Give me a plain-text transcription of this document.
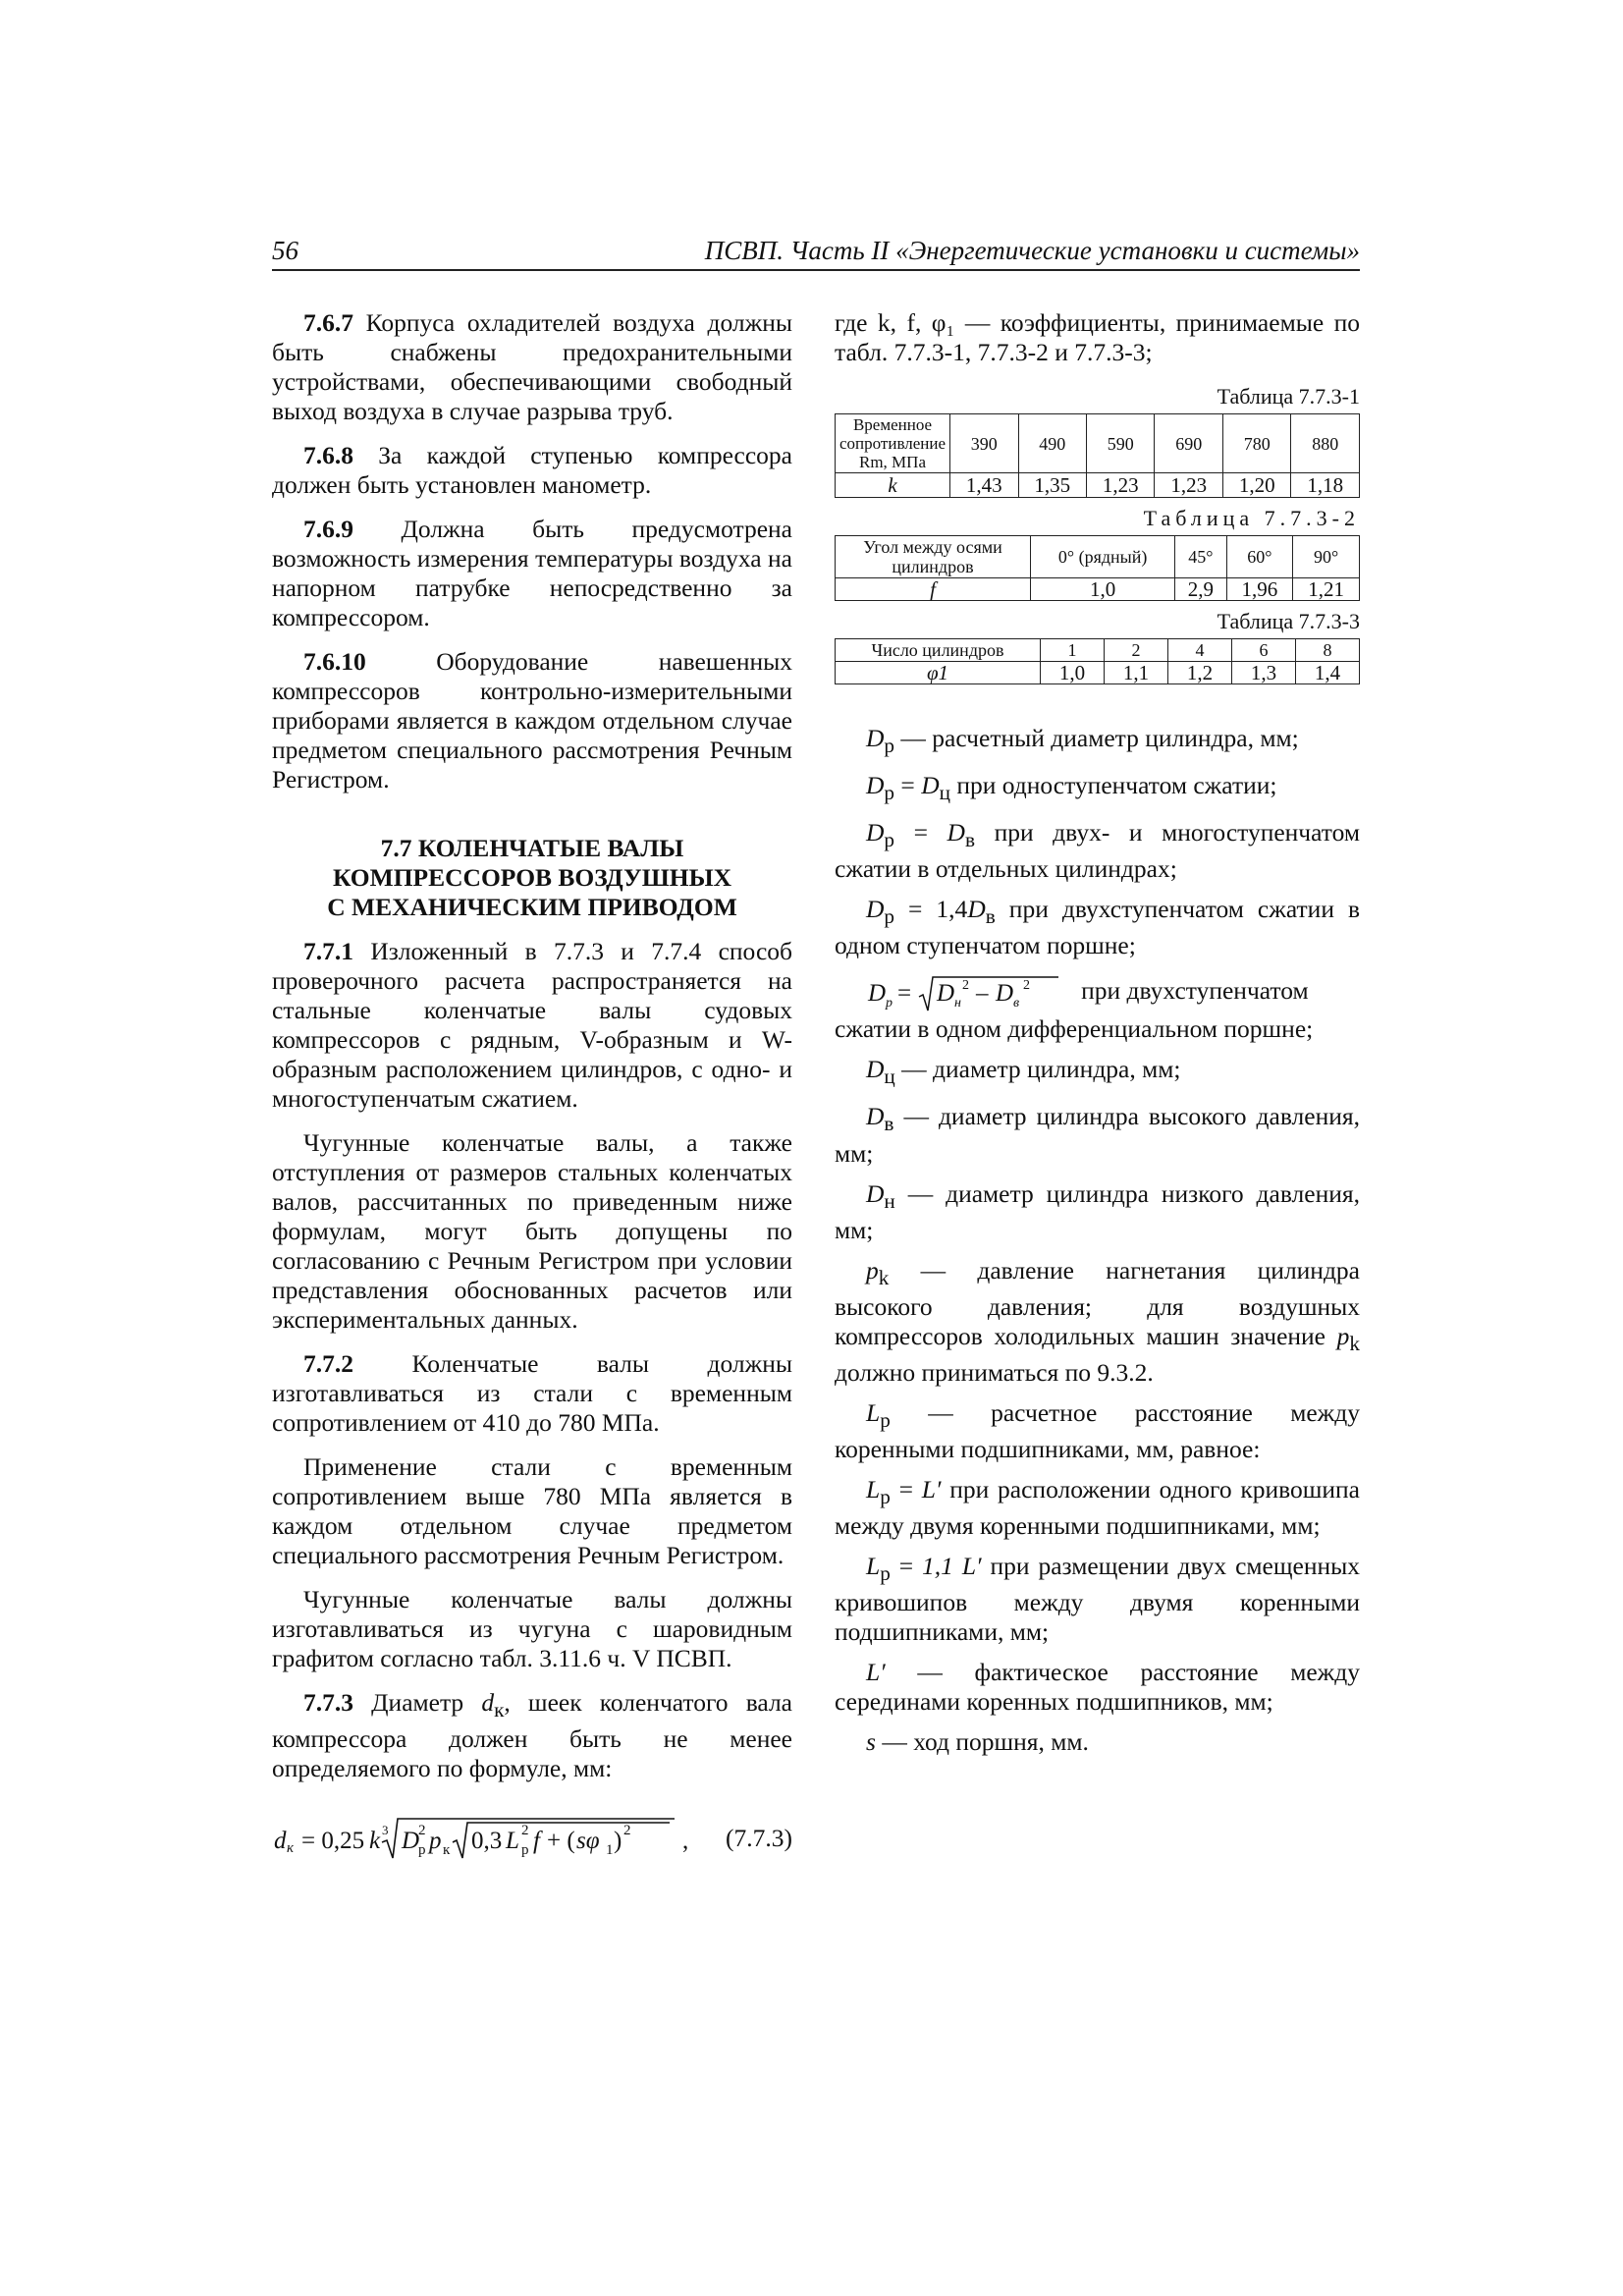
56	ПСВП. Часть II «Энергетические установки и системы»

7.6.7 Корпуса охладителей воздуха должны быть снабжены предохранительными устройствами, обеспечивающими свободный выход воздуха в случае разрыва труб.

7.6.8 За каждой ступенью компрессора должен быть установлен манометр.

7.6.9 Должна быть предусмотрена возможность измерения температуры воздуха на напорном патрубке непосредственно за компрессором.

7.6.10 Оборудование навешенных компрессоров контрольно-измерительными приборами является в каждом отдельном случае предметом специального рассмотрения Речным Регистром.

7.7 КОЛЕНЧАТЫЕ ВАЛЫ
КОМПРЕССОРОВ ВОЗДУШНЫХ
С МЕХАНИЧЕСКИМ ПРИВОДОМ

7.7.1 Изложенный в 7.7.3 и 7.7.4 способ проверочного расчета распространяется на стальные коленчатые валы судовых компрессоров с рядным, V-образным и W-образным расположением цилиндров, с одно- и многоступенчатым сжатием.

Чугунные коленчатые валы, а также отступления от размеров стальных коленчатых валов, рассчитанных по приведенным ниже формулам, могут быть допущены по согласованию с Речным Регистром при условии представления обоснованных расчетов или экспериментальных данных.

7.7.2 Коленчатые валы должны изготавливаться из стали с временным сопротивлением от 410 до 780 МПа.

Применение стали с временным сопротивлением выше 780 МПа является в каждом отдельном случае предметом специального рассмотрения Речным Регистром.

Чугунные коленчатые валы должны изготавливаться из чугуна с шаровидным графитом согласно табл. 3.11.6 ч. V ПСВП.

7.7.3 Диаметр $d_к$, шеек коленчатого вала компрессора должен быть не менее определяемого по формуле, мм:

d к = 0,25 k 3 D
р
2 p к 0,3 L р
2 f + ( sφ 1 ) 2 , (7.7.3)

где k, f, φ₁ — коэффициенты, принимаемые по табл. 7.7.3-1, 7.7.3-2 и 7.7.3-3;

Таблица 7.7.3-1
Временное сопротивление Rm, МПа	390	490	590	690	780	880
k	1,43	1,35	1,23	1,23	1,20	1,18
Таблица 7.7.3-2
Угол между осями цилиндров	0° (рядный)	45°	60°	90°
f	1,0	2,9	1,96	1,21
Таблица 7.7.3-3
Число цилиндров	1	2	4	6	8
φ1	1,0	1,1	1,2	1,3	1,4

$D_р$ — расчетный диаметр цилиндра, мм;

$D_р = D_ц$ при одноступенчатом сжатии;

$D_р = D_в$ при двух- и многоступенчатом сжатии в отдельных цилиндрах;

$D_р = 1,4D_в$ при двухступенчатом сжатии в одном ступенчатом поршне;

D p = D н
2 – D в
2 при двухступенчатом
сжатии в одном дифференциальном поршне;

$D_ц$ — диаметр цилиндра, мм;

$D_в$ — диаметр цилиндра высокого давления, мм;

$D_н$ — диаметр цилиндра низкого давления, мм;

$p_k$ — давление нагнетания цилиндра высокого давления; для воздушных компрессоров холодильных машин значение $p_k$ должно приниматься по 9.3.2.

$L_р$ — расчетное расстояние между коренными подшипниками, мм, равное:

$L_р = L'$ при расположении одного кривошипа между двумя коренными подшипниками, мм;

$L_р = 1,1$ L′ при размещении двух смещенных кривошипов между двумя коренными подшипниками, мм;

L′ — фактическое расстояние между серединами коренных подшипников, мм;

s — ход поршня, мм.
